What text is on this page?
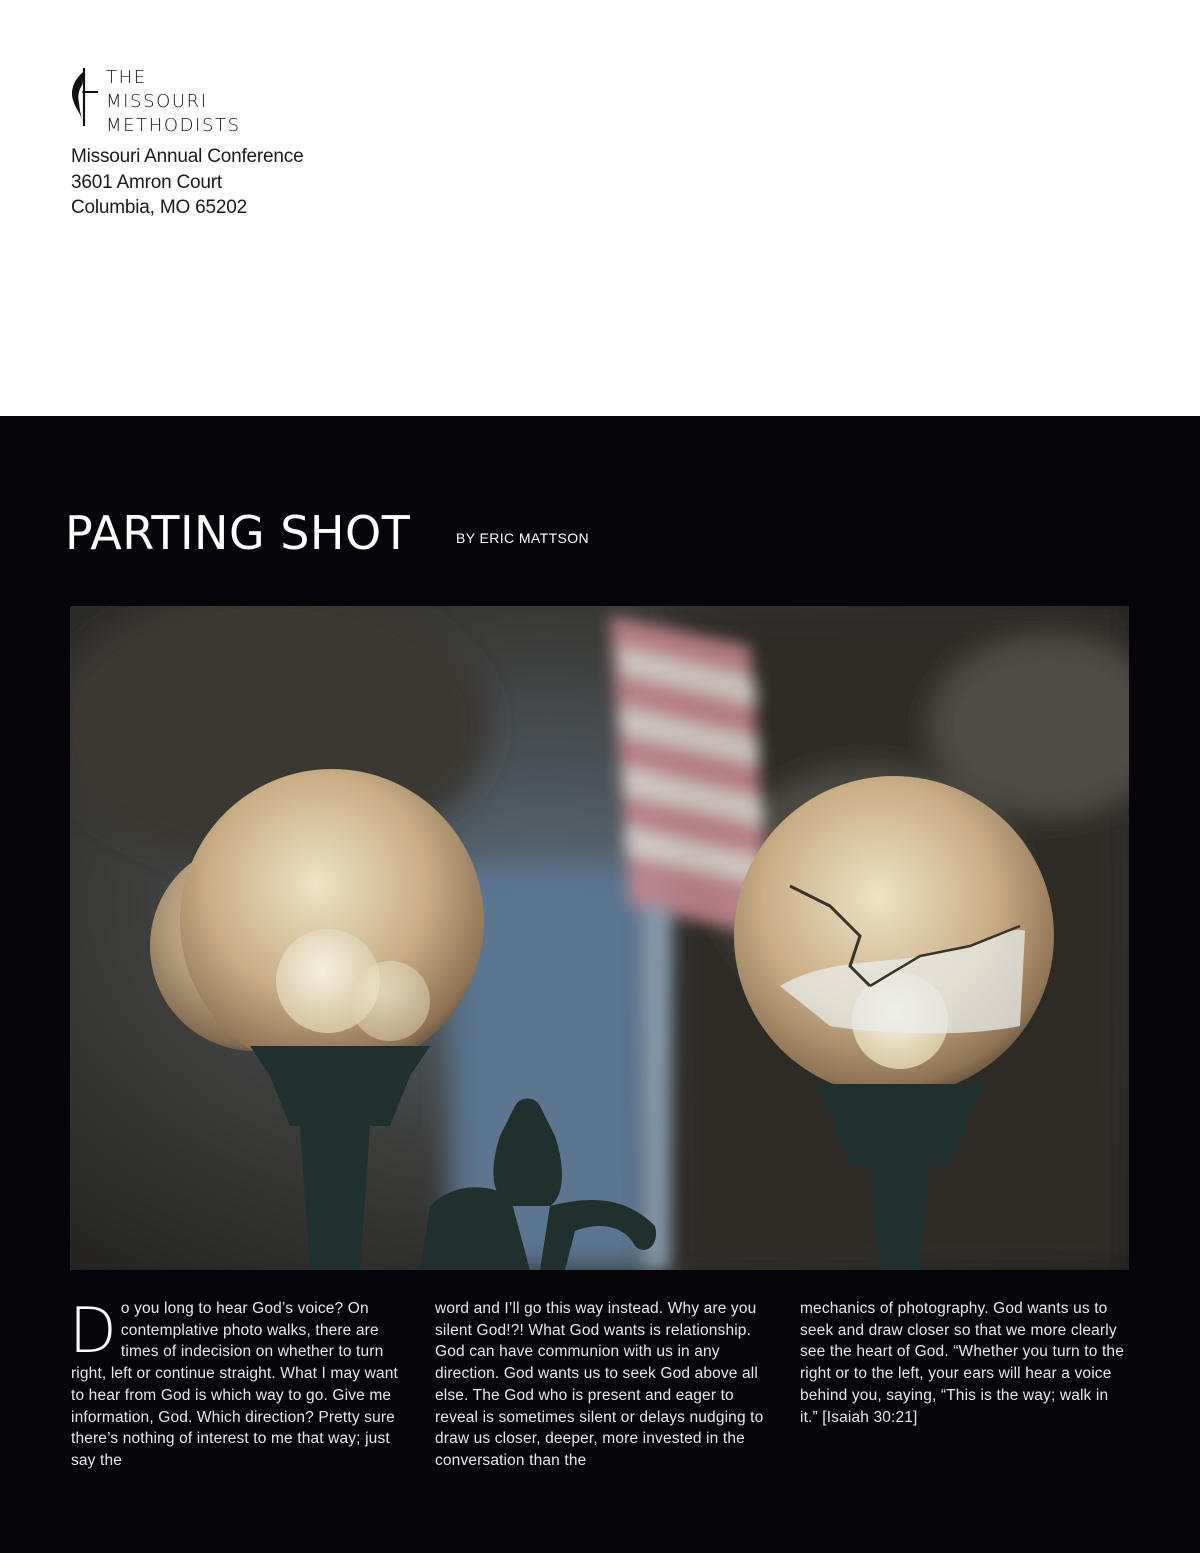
THE
MISSOURI
METHODISTS
Missouri Annual Conference
3601 Amron Court
Columbia, MO 65202
PARTING SHOT	BY ERIC MATTSON
D o you long to hear God’s voice? On contemplative photo walks, there are times of indecision on whether to turn right, left or continue straight. What I may want to hear from God is which way to go. Give me information, God. Which direction? Pretty sure there’s nothing of interest to me that way; just say the

word and I’ll go this way instead. Why are you silent God!?! What God wants is relationship. God can have communion with us in any direction. God wants us to seek God above all else. The God who is present and eager to reveal is sometimes silent or delays nudging to draw us closer, deeper, more invested in the conversation than the

mechanics of photography. God wants us to seek and draw closer so that we more clearly see the heart of God. “Whether you turn to the right or to the left, your ears will hear a voice behind you, saying, “This is the way; walk in it.” [Isaiah 30:21]
